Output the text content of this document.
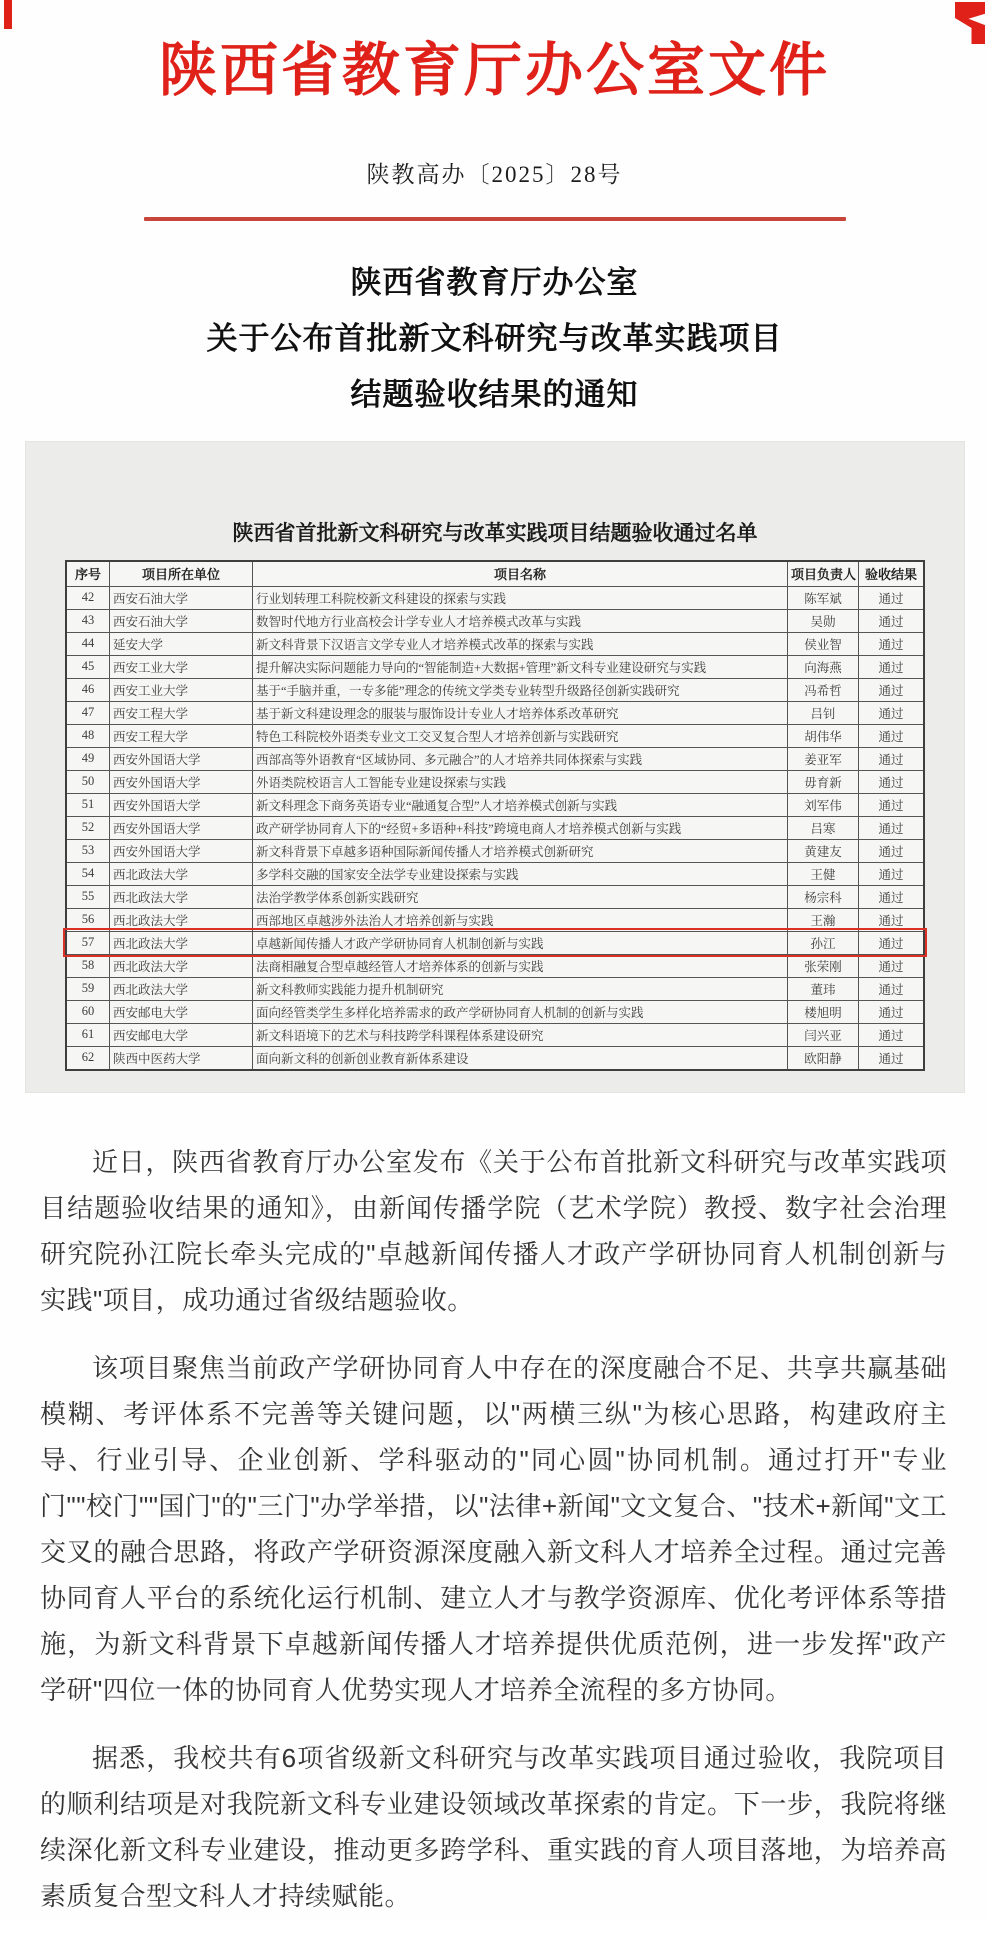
陕西省教育厅办公室文件
陕教高办〔2025〕28号
陕西省教育厅办公室
关于公布首批新文科研究与改革实践项目
结题验收结果的通知
陕西省首批新文科研究与改革实践项目结题验收通过名单
序号	项目所在单位	项目名称	项目负责人	验收结果
42	西安石油大学	行业划转理工科院校新文科建设的探索与实践	陈军斌	通过
43	西安石油大学	数智时代地方行业高校会计学专业人才培养模式改革与实践	吴勋	通过
44	延安大学	新文科背景下汉语言文学专业人才培养模式改革的探索与实践	侯业智	通过
45	西安工业大学	提升解决实际问题能力导向的“智能制造+大数据+管理”新文科专业建设研究与实践	向海燕	通过
46	西安工业大学	基于“手脑并重，一专多能”理念的传统文学类专业转型升级路径创新实践研究	冯希哲	通过
47	西安工程大学	基于新文科建设理念的服装与服饰设计专业人才培养体系改革研究	吕钊	通过
48	西安工程大学	特色工科院校外语类专业文工交叉复合型人才培养创新与实践研究	胡伟华	通过
49	西安外国语大学	西部高等外语教育“区域协同、多元融合”的人才培养共同体探索与实践	姜亚军	通过
50	西安外国语大学	外语类院校语言人工智能专业建设探索与实践	毋育新	通过
51	西安外国语大学	新文科理念下商务英语专业“融通复合型”人才培养模式创新与实践	刘军伟	通过
52	西安外国语大学	政产研学协同育人下的“经贸+多语种+科技”跨境电商人才培养模式创新与实践	吕寒	通过
53	西安外国语大学	新文科背景下卓越多语种国际新闻传播人才培养模式创新研究	黄建友	通过
54	西北政法大学	多学科交融的国家安全法学专业建设探索与实践	王健	通过
55	西北政法大学	法治学教学体系创新实践研究	杨宗科	通过
56	西北政法大学	西部地区卓越涉外法治人才培养创新与实践	王瀚	通过
57	西北政法大学	卓越新闻传播人才政产学研协同育人机制创新与实践	孙江	通过
58	西北政法大学	法商相融复合型卓越经管人才培养体系的创新与实践	张荣刚	通过
59	西北政法大学	新文科教师实践能力提升机制研究	董玮	通过
60	西安邮电大学	面向经管类学生多样化培养需求的政产学研协同育人机制的创新与实践	楼旭明	通过
61	西安邮电大学	新文科语境下的艺术与科技跨学科课程体系建设研究	闫兴亚	通过
62	陕西中医药大学	面向新文科的创新创业教育新体系建设	欧阳静	通过

近日，陕西省教育厅办公室发布《关于公布首批新文科研究与改革实践项目结题验收结果的通知》，由新闻传播学院（艺术学院）教授、数字社会治理研究院孙江院长牵头完成的"卓越新闻传播人才政产学研协同育人机制创新与实践"项目，成功通过省级结题验收。

该项目聚焦当前政产学研协同育人中存在的深度融合不足、共享共赢基础模糊、考评体系不完善等关键问题，以"两横三纵"为核心思路，构建政府主导、行业引导、企业创新、学科驱动的"同心圆"协同机制。通过打开"专业门""校门""国门"的"三门"办学举措，以"法律+新闻"文文复合、"技术+新闻"文工交叉的融合思路，将政产学研资源深度融入新文科人才培养全过程。通过完善协同育人平台的系统化运行机制、建立人才与教学资源库、优化考评体系等措施，为新文科背景下卓越新闻传播人才培养提供优质范例，进一步发挥"政产学研"四位一体的协同育人优势实现人才培养全流程的多方协同。

据悉，我校共有6项省级新文科研究与改革实践项目通过验收，我院项目的顺利结项是对我院新文科专业建设领域改革探索的肯定。下一步，我院将继续深化新文科专业建设，推动更多跨学科、重实践的育人项目落地，为培养高素质复合型文科人才持续赋能。
